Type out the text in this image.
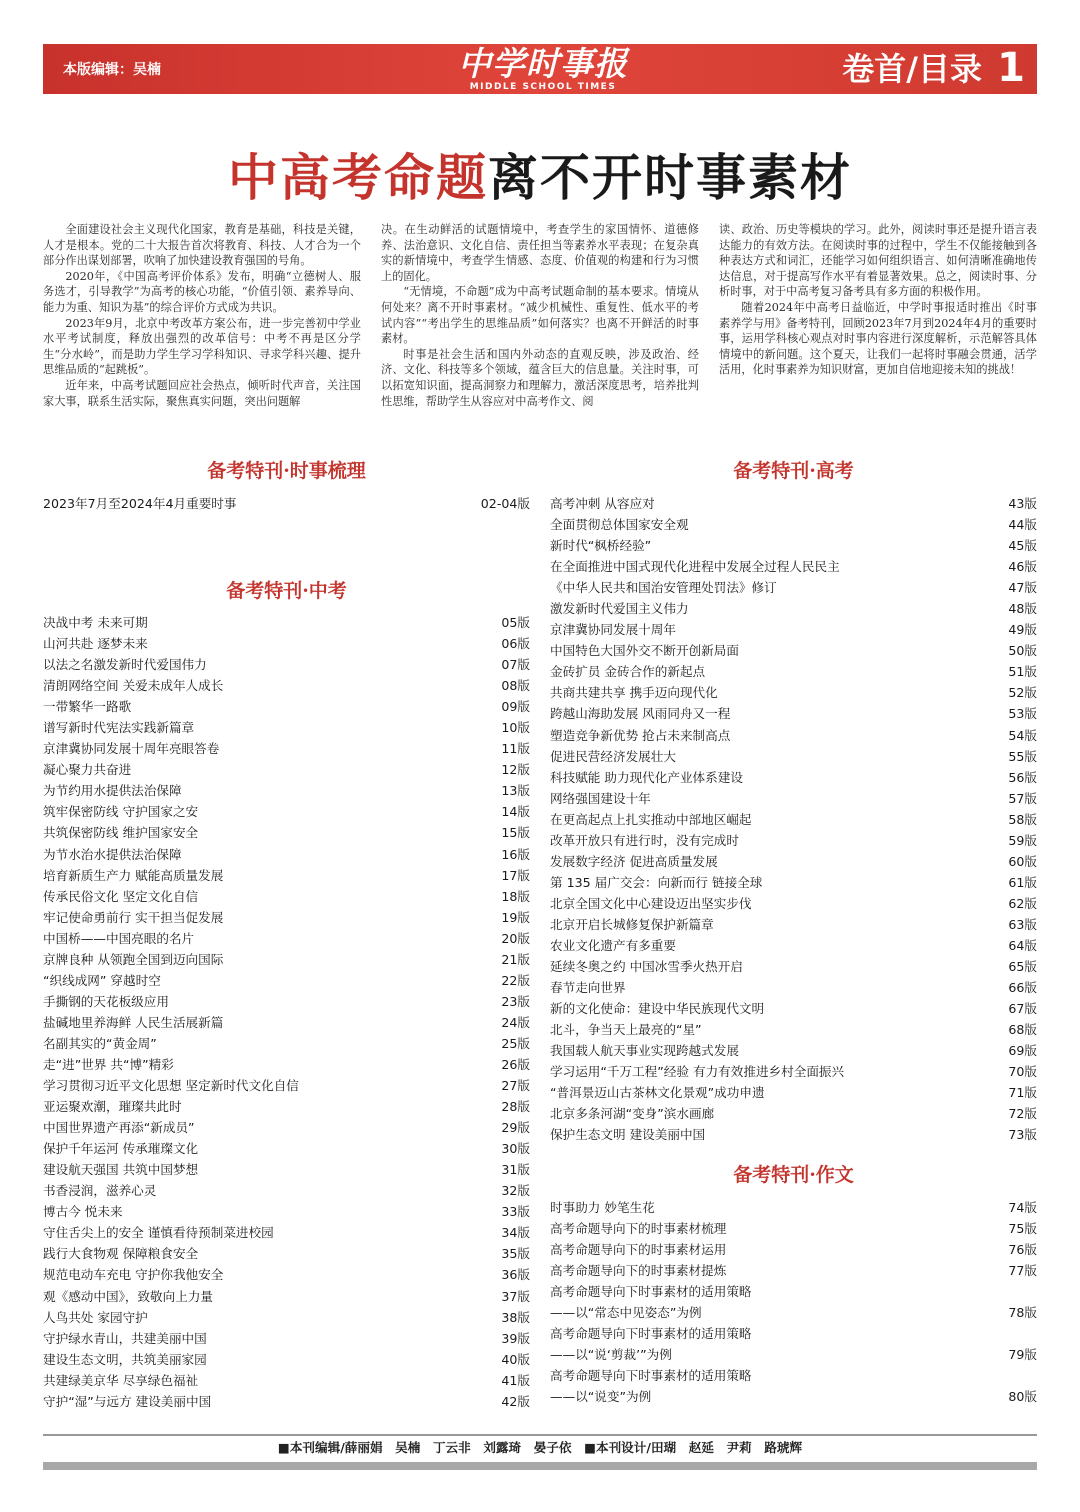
本版编辑：吴楠	中学时事报
MIDDLE SCHOOL TIMES	卷首/目录 1
中高考命题离不开时事素材

全面建设社会主义现代化国家，教育是基础，科技是关键，人才是根本。党的二十大报告首次将教育、科技、人才合为一个部分作出谋划部署，吹响了加快建设教育强国的号角。

2020年，《中国高考评价体系》发布，明确“立德树人、服务选才，引导教学”为高考的核心功能，“价值引领、素养导向、能力为重、知识为基”的综合评价方式成为共识。

2023年9月，北京中考改革方案公布，进一步完善初中学业水平考试制度，释放出强烈的改革信号：中考不再是区分学生“分水岭”，而是助力学生学习学科知识、寻求学科兴趣、提升思维品质的“起跳板”。

近年来，中高考试题回应社会热点，倾听时代声音，关注国家大事，联系生活实际，聚焦真实问题，突出问题解

决。在生动鲜活的试题情境中，考查学生的家国情怀、道德修养、法治意识、文化自信、责任担当等素养水平表现；在复杂真实的新情境中，考查学生情感、态度、价值观的构建和行为习惯上的固化。

“无情境，不命题”成为中高考试题命制的基本要求。情境从何处来？离不开时事素材。“减少机械性、重复性、低水平的考试内容”“考出学生的思维品质”如何落实？也离不开鲜活的时事素材。

时事是社会生活和国内外动态的直观反映，涉及政治、经济、文化、科技等多个领域，蕴含巨大的信息量。关注时事，可以拓宽知识面，提高洞察力和理解力，激活深度思考，培养批判性思维，帮助学生从容应对中高考作文、阅

读、政治、历史等模块的学习。此外，阅读时事还是提升语言表达能力的有效方法。在阅读时事的过程中，学生不仅能接触到各种表达方式和词汇，还能学习如何组织语言、如何清晰准确地传达信息，对于提高写作水平有着显著效果。总之，阅读时事、分析时事，对于中高考复习备考具有多方面的积极作用。

随着2024年中高考日益临近，中学时事报适时推出《时事素养学与用》备考特刊，回顾2023年7月到2024年4月的重要时事，运用学科核心观点对时事内容进行深度解析，示范解答具体情境中的新问题。这个夏天，让我们一起将时事融会贯通，活学活用，化时事素养为知识财富，更加自信地迎接未知的挑战！

备考特刊·时事梳理
备考特刊·中考
备考特刊·高考
备考特刊·作文
2023年7月至2024年4月重要时事	02-04版
决战中考 未来可期	05版
山河共赴 逐梦未来	06版
以法之名激发新时代爱国伟力	07版
清朗网络空间 关爱未成年人成长	08版
一带繁华一路歌	09版
谱写新时代宪法实践新篇章	10版
京津冀协同发展十周年亮眼答卷	11版
凝心聚力共奋进	12版
为节约用水提供法治保障	13版
筑牢保密防线 守护国家之安	14版
共筑保密防线 维护国家安全	15版
为节水治水提供法治保障	16版
培育新质生产力 赋能高质量发展	17版
传承民俗文化 坚定文化自信	18版
牢记使命勇前行 实干担当促发展	19版
中国桥——中国亮眼的名片	20版
京牌良种 从领跑全国到迈向国际	21版
“织线成网” 穿越时空	22版
手撕钢的天花板级应用	23版
盐碱地里养海鲜 人民生活展新篇	24版
名副其实的“黄金周”	25版
走“进”世界 共“博”精彩	26版
学习贯彻习近平文化思想 坚定新时代文化自信	27版
亚运聚欢潮，璀璨共此时	28版
中国世界遗产再添“新成员”	29版
保护千年运河 传承璀璨文化	30版
建设航天强国 共筑中国梦想	31版
书香浸润，滋养心灵	32版
博古今 悦未来	33版
守住舌尖上的安全 谨慎看待预制菜进校园	34版
践行大食物观 保障粮食安全	35版
规范电动车充电 守护你我他安全	36版
观《感动中国》，致敬向上力量	37版
人鸟共处 家园守护	38版
守护绿水青山，共建美丽中国	39版
建设生态文明，共筑美丽家园	40版
共建绿美京华 尽享绿色福祉	41版
守护“湿”与远方 建设美丽中国	42版
高考冲刺 从容应对	43版
全面贯彻总体国家安全观	44版
新时代“枫桥经验”	45版
在全面推进中国式现代化进程中发展全过程人民民主	46版
《中华人民共和国治安管理处罚法》修订	47版
激发新时代爱国主义伟力	48版
京津冀协同发展十周年	49版
中国特色大国外交不断开创新局面	50版
金砖扩员 金砖合作的新起点	51版
共商共建共享 携手迈向现代化	52版
跨越山海助发展 风雨同舟又一程	53版
塑造竞争新优势 抢占未来制高点	54版
促进民营经济发展壮大	55版
科技赋能 助力现代化产业体系建设	56版
网络强国建设十年	57版
在更高起点上扎实推动中部地区崛起	58版
改革开放只有进行时，没有完成时	59版
发展数字经济 促进高质量发展	60版
第 135 届广交会：向新而行 链接全球	61版
北京全国文化中心建设迈出坚实步伐	62版
北京开启长城修复保护新篇章	63版
农业文化遗产有多重要	64版
延续冬奥之约 中国冰雪季火热开启	65版
春节走向世界	66版
新的文化使命：建设中华民族现代文明	67版
北斗，争当天上最亮的“星”	68版
我国载人航天事业实现跨越式发展	69版
学习运用“千万工程”经验 有力有效推进乡村全面振兴	70版
“普洱景迈山古茶林文化景观”成功申遗	71版
北京多条河湖“变身”滨水画廊	72版
保护生态文明 建设美丽中国	73版
时事助力 妙笔生花	74版
高考命题导向下的时事素材梳理	75版
高考命题导向下的时事素材运用	76版
高考命题导向下的时事素材提炼	77版
高考命题导向下时事素材的适用策略
——以“常态中见姿态”为例	78版
高考命题导向下时事素材的适用策略
——以“说‘剪裁’”为例	79版
高考命题导向下时事素材的适用策略
——以“说变”为例	80版
■本刊编辑/薛丽娟　吴楠　丁云非　刘露琦　晏子依　■本刊设计/田瑚　赵延　尹莉　路琥辉
